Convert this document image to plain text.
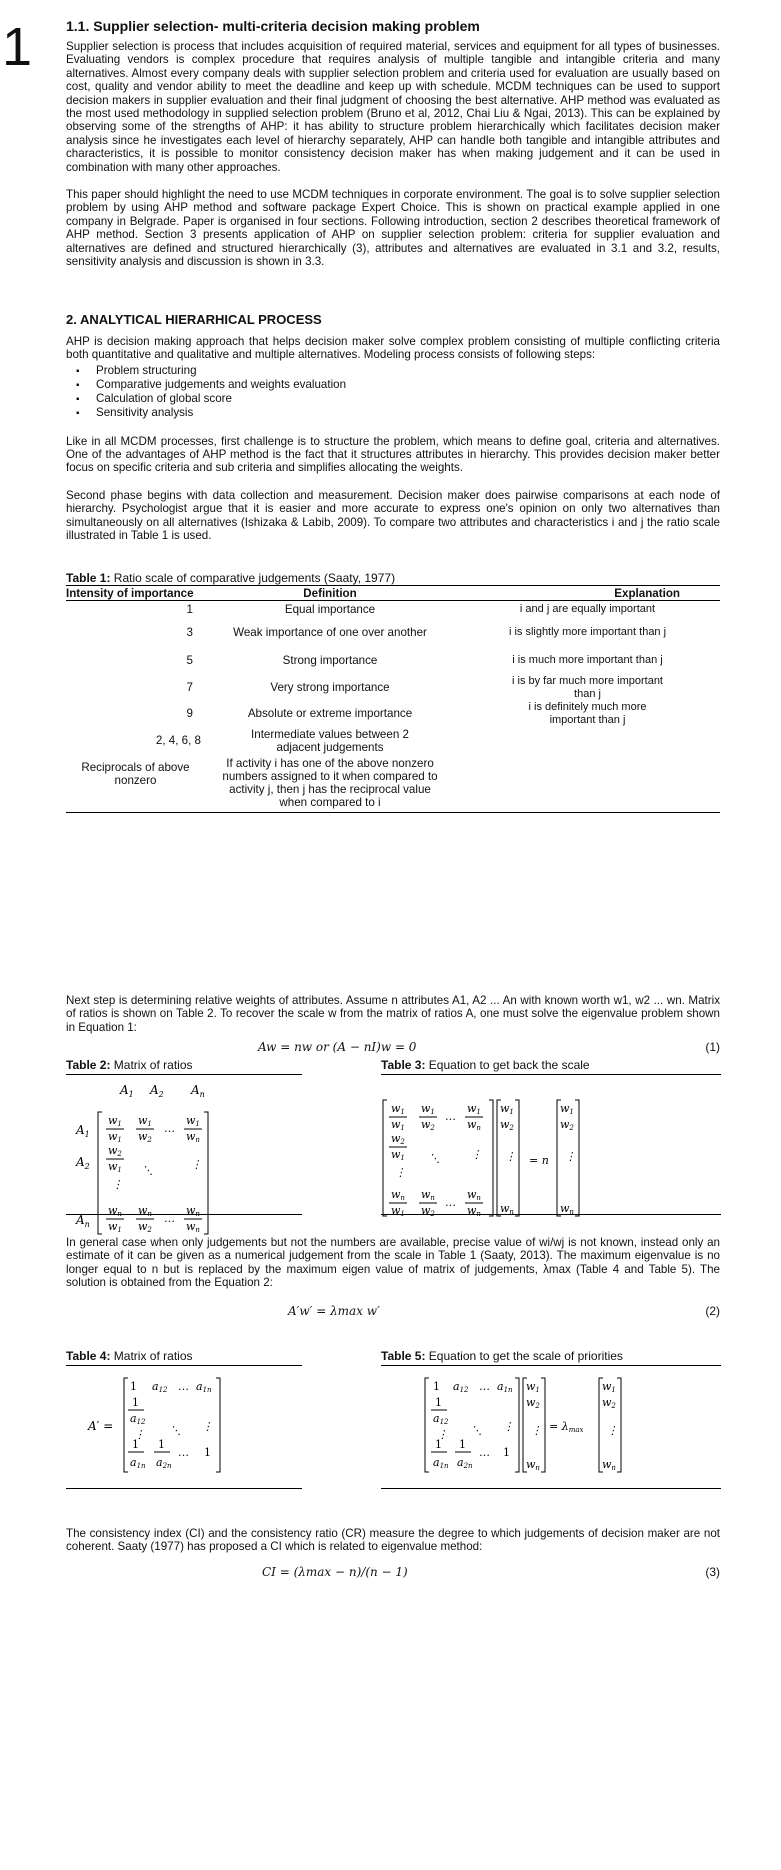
1 1.1. Supplier selection- multi-criteria decision making problem

Supplier selection is process that includes acquisition of required material, services and equipment for all types of businesses. Evaluating vendors is complex procedure that requires analysis of multiple tangible and intangible criteria and many alternatives. Almost every company deals with supplier selection problem and criteria used for evaluation are usually based on cost, quality and vendor ability to meet the deadline and keep up with schedule. MCDM techniques can be used to support decision makers in supplier evaluation and their final judgment of choosing the best alternative. AHP method was evaluated as the most used methodology in supplied selection problem (Bruno et al, 2012, Chai Liu & Ngai, 2013). This can be explained by observing some of the strengths of AHP: it has ability to structure problem hierarchically which facilitates decision maker analysis since he investigates each level of hierarchy separately, AHP can handle both tangible and intangible attributes and characteristics, it is possible to monitor consistency decision maker has when making judgement and it can be used in combination with many other approaches.

This paper should highlight the need to use MCDM techniques in corporate environment. The goal is to solve supplier selection problem by using AHP method and software package Expert Choice. This is shown on practical example applied in one company in Belgrade. Paper is organised in four sections. Following introduction, section 2 describes theoretical framework of AHP method. Section 3 presents application of AHP on supplier selection problem: criteria for supplier evaluation and alternatives are defined and structured hierarchically (3), attributes and alternatives are evaluated in 3.1 and 3.2, results, sensitivity analysis and discussion is shown in 3.3.

2. ANALYTICAL HIERARHICAL PROCESS

AHP is decision making approach that helps decision maker solve complex problem consisting of multiple conflicting criteria both quantitative and qualitative and multiple alternatives. Modeling process consists of following steps:

▪ Problem structuring
▪ Comparative judgements and weights evaluation
▪ Calculation of global score
▪ Sensitivity analysis

Like in all MCDM processes, first challenge is to structure the problem, which means to define goal, criteria and alternatives. One of the advantages of AHP method is the fact that it structures attributes in hierarchy. This provides decision maker better focus on specific criteria and sub criteria and simplifies allocating the weights.

Second phase begins with data collection and measurement. Decision maker does pairwise comparisons at each node of hierarchy. Psychologist argue that it is easier and more accurate to express one's opinion on only two alternatives than simultaneously on all alternatives (Ishizaka & Labib, 2009). To compare two attributes and characteristics i and j the ratio scale illustrated in Table 1 is used.

Table 1: Ratio scale of comparative judgements (Saaty, 1977)

Intensity of importance	Definition	Explanation
1	Equal importance	i and j are equally important
3	Weak importance of one over another	i is slightly more important than j
5	Strong importance	i is much more important than j
7	Very strong importance	i is by far much more important than j
9	Absolute or extreme importance	i is definitely much more important than j
2, 4, 6, 8	Intermediate values between 2 adjacent judgements	
Reciprocals of above nonzero	If activity i has one of the above nonzero numbers assigned to it when compared to activity j, then j has the reciprocal value when compared to i	

Next step is determining relative weights of attributes. Assume n attributes A1, A2 ... An with known worth w1, w2 ... wn. Matrix of ratios is shown on Table 2. To recover the scale w from the matrix of ratios A, one must solve the eigenvalue problem shown in Equation 1:

Aw = nw or (A − nI)w = 0	(1)

Table 2: Matrix of ratios	Table 3: Equation to get back the scale

$A_1$ $A_2$ $A_n$
$A_1$
$A_2$
$A_n$
w1
w1
w1
w2
…
w1
wn
w2
w1 ⋱	⋮
⋮
wn
w1
wn
w2
…
wn
wn
w1
w1
w1
w2
…
w1
wn
w2
w1 ⋱	⋮
⋮
wn
w1
wn
w2
…
wn
wn
w1
w2
⋮
wn
= n
w1
w2
⋮
wn

In general case when only judgements but not the numbers are available, precise value of wi/wj is not known, instead only an estimate of it can be given as a numerical judgement from the scale in Table 1 (Saaty, 2013). The maximum eigenvalue is no longer equal to n but is replaced by the maximum eigen value of matrix of judgements, λmax (Table 4 and Table 5). The solution is obtained from the Equation 2:

A′w′ = λmax w′	(2)

Table 4: Matrix of ratios	Table 5: Equation to get the scale of priorities

A′ =
1 a12 … a1n
1
a12
⋱ ⋮
⋮
1
a1n
1
a2n
… 1
1 a12 … a1n
1
a12
⋱ ⋮
⋮
1
a1n
1
a2n
… 1
w1
w2
⋮
wn
= λmax
w1
w2
⋮
wn

The consistency index (CI) and the consistency ratio (CR) measure the degree to which judgements of decision maker are not coherent. Saaty (1977) has proposed a CI which is related to eigenvalue method:

CI = (λmax − n)/(n − 1)	(3)
